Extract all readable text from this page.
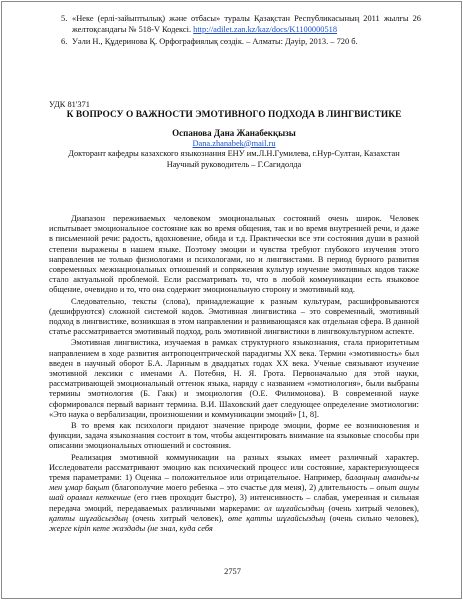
5. «Неке (ерлі-зайыптылық) және отбасы» туралы Қазақстан Республикасының 2011 жылғы 26 желтоқсандағы № 518-V Кодексі. http://adilet.zan.kz/kaz/docs/K1100000518
6. Уәли Н., Құдеринова Қ. Орфографиялық сөздік. – Алматы: Дәуір, 2013. – 720 б.
УДК 81'371
К ВОПРОСУ О ВАЖНОСТИ ЭМОТИВНОГО ПОДХОДА В ЛИНГВИСТИКЕ
Оспанова Дана Жанабекқызы
Dana.zhanabek@mail.ru
Докторант кафедры казахского языкознания ЕНУ им.Л.Н.Гумилева, г.Нур-Султан, Казахстан
Научный руководитель – Г.Сагидолда

Диапазон переживаемых человеком эмоциональных состояний очень широк. Человек испытывает эмоциональное состояние как во время общения, так и во время внутренней речи, и даже в письменной речи: радость, вдохновение, обида и т.д. Практически все эти состояния души в разной степени выражены в нашем языке. Поэтому эмоции и чувства требуют глубокого изучения этого направления не только физиологами и психологами, но и лингвистами. В период бурного развития современных межнациональных отношений и сопряжения культур изучение эмотивных кодов также стало актуальной проблемой. Если рассматривать то, что в любой коммуникации есть языковое общение, очевидно и то, что она содержит эмоциональную сторону и эмотивный код.

Следовательно, тексты (слова), принадлежащие к разным культурам, расшифровываются (дешифруются) сложной системой кодов. Эмотивная лингвистика – это современный, эмотивный подход в лингвистике, возникшая в этом направлении и развивающаяся как отдельная сфера. В данной статье рассматривается эмотивный подход, роль эмотивной лингвистики в лингвокультурном аспекте.

Эмотивная лингвистика, изучаемая в рамках структурного языкознания, стала приоритетным направлением в ходе развития антропоцентрической парадигмы XX века. Термин «эмотивность» был введен в научный оборот Б.А. Лариным в двадцатых годах XX века. Ученые связывают изучение эмотивной лексики с именами А. Потебня, Н. Я. Грота. Первоначально для этой науки, рассматривающей эмоциональный оттенок языка, наряду с названием «эмотиология», были выбраны термины эмотиология (Б. Гакк) и эмоциология (О.Е. Филимонова). В современной науке сформировался первый вариант термина. В.И. Шаховский дает следующее определение эмотиологии: «Это наука о вербализации, произношении и коммуникации эмоций» [1, 8].

В то время как психологи придают значение природе эмоции, форме ее возникновения и функции, задача языкознания состоит в том, чтобы акцентировать внимание на языковые способы при описании эмоциональных отношений и состояния.

Реализация эмотивной коммуникации на разных языках имеет различный характер. Исследователи рассматривают эмоцию как психический процесс или состояние, характеризующееся тремя параметрами: 1) Оценка – положительное или отрицательное. Например, балаңның аманды-ы мен ұмар бақыт (благополучие моего ребенка – это счастье для меня), 2) длительность – опыт ашуы шай орамал кеткенше (его гнев проходит быстро), 3) интенсивность – слабая, умеренная и сильная передача эмоций, передаваемых различными маркерами: ол шұғайсыздың (очень хитрый человек), қатты шұғайсыздың (очень хитрый человек), өте қатты шұғайсыздың (очень сильно человек), жерге кіріп кете жаздады (не знал, куда себя

2757
